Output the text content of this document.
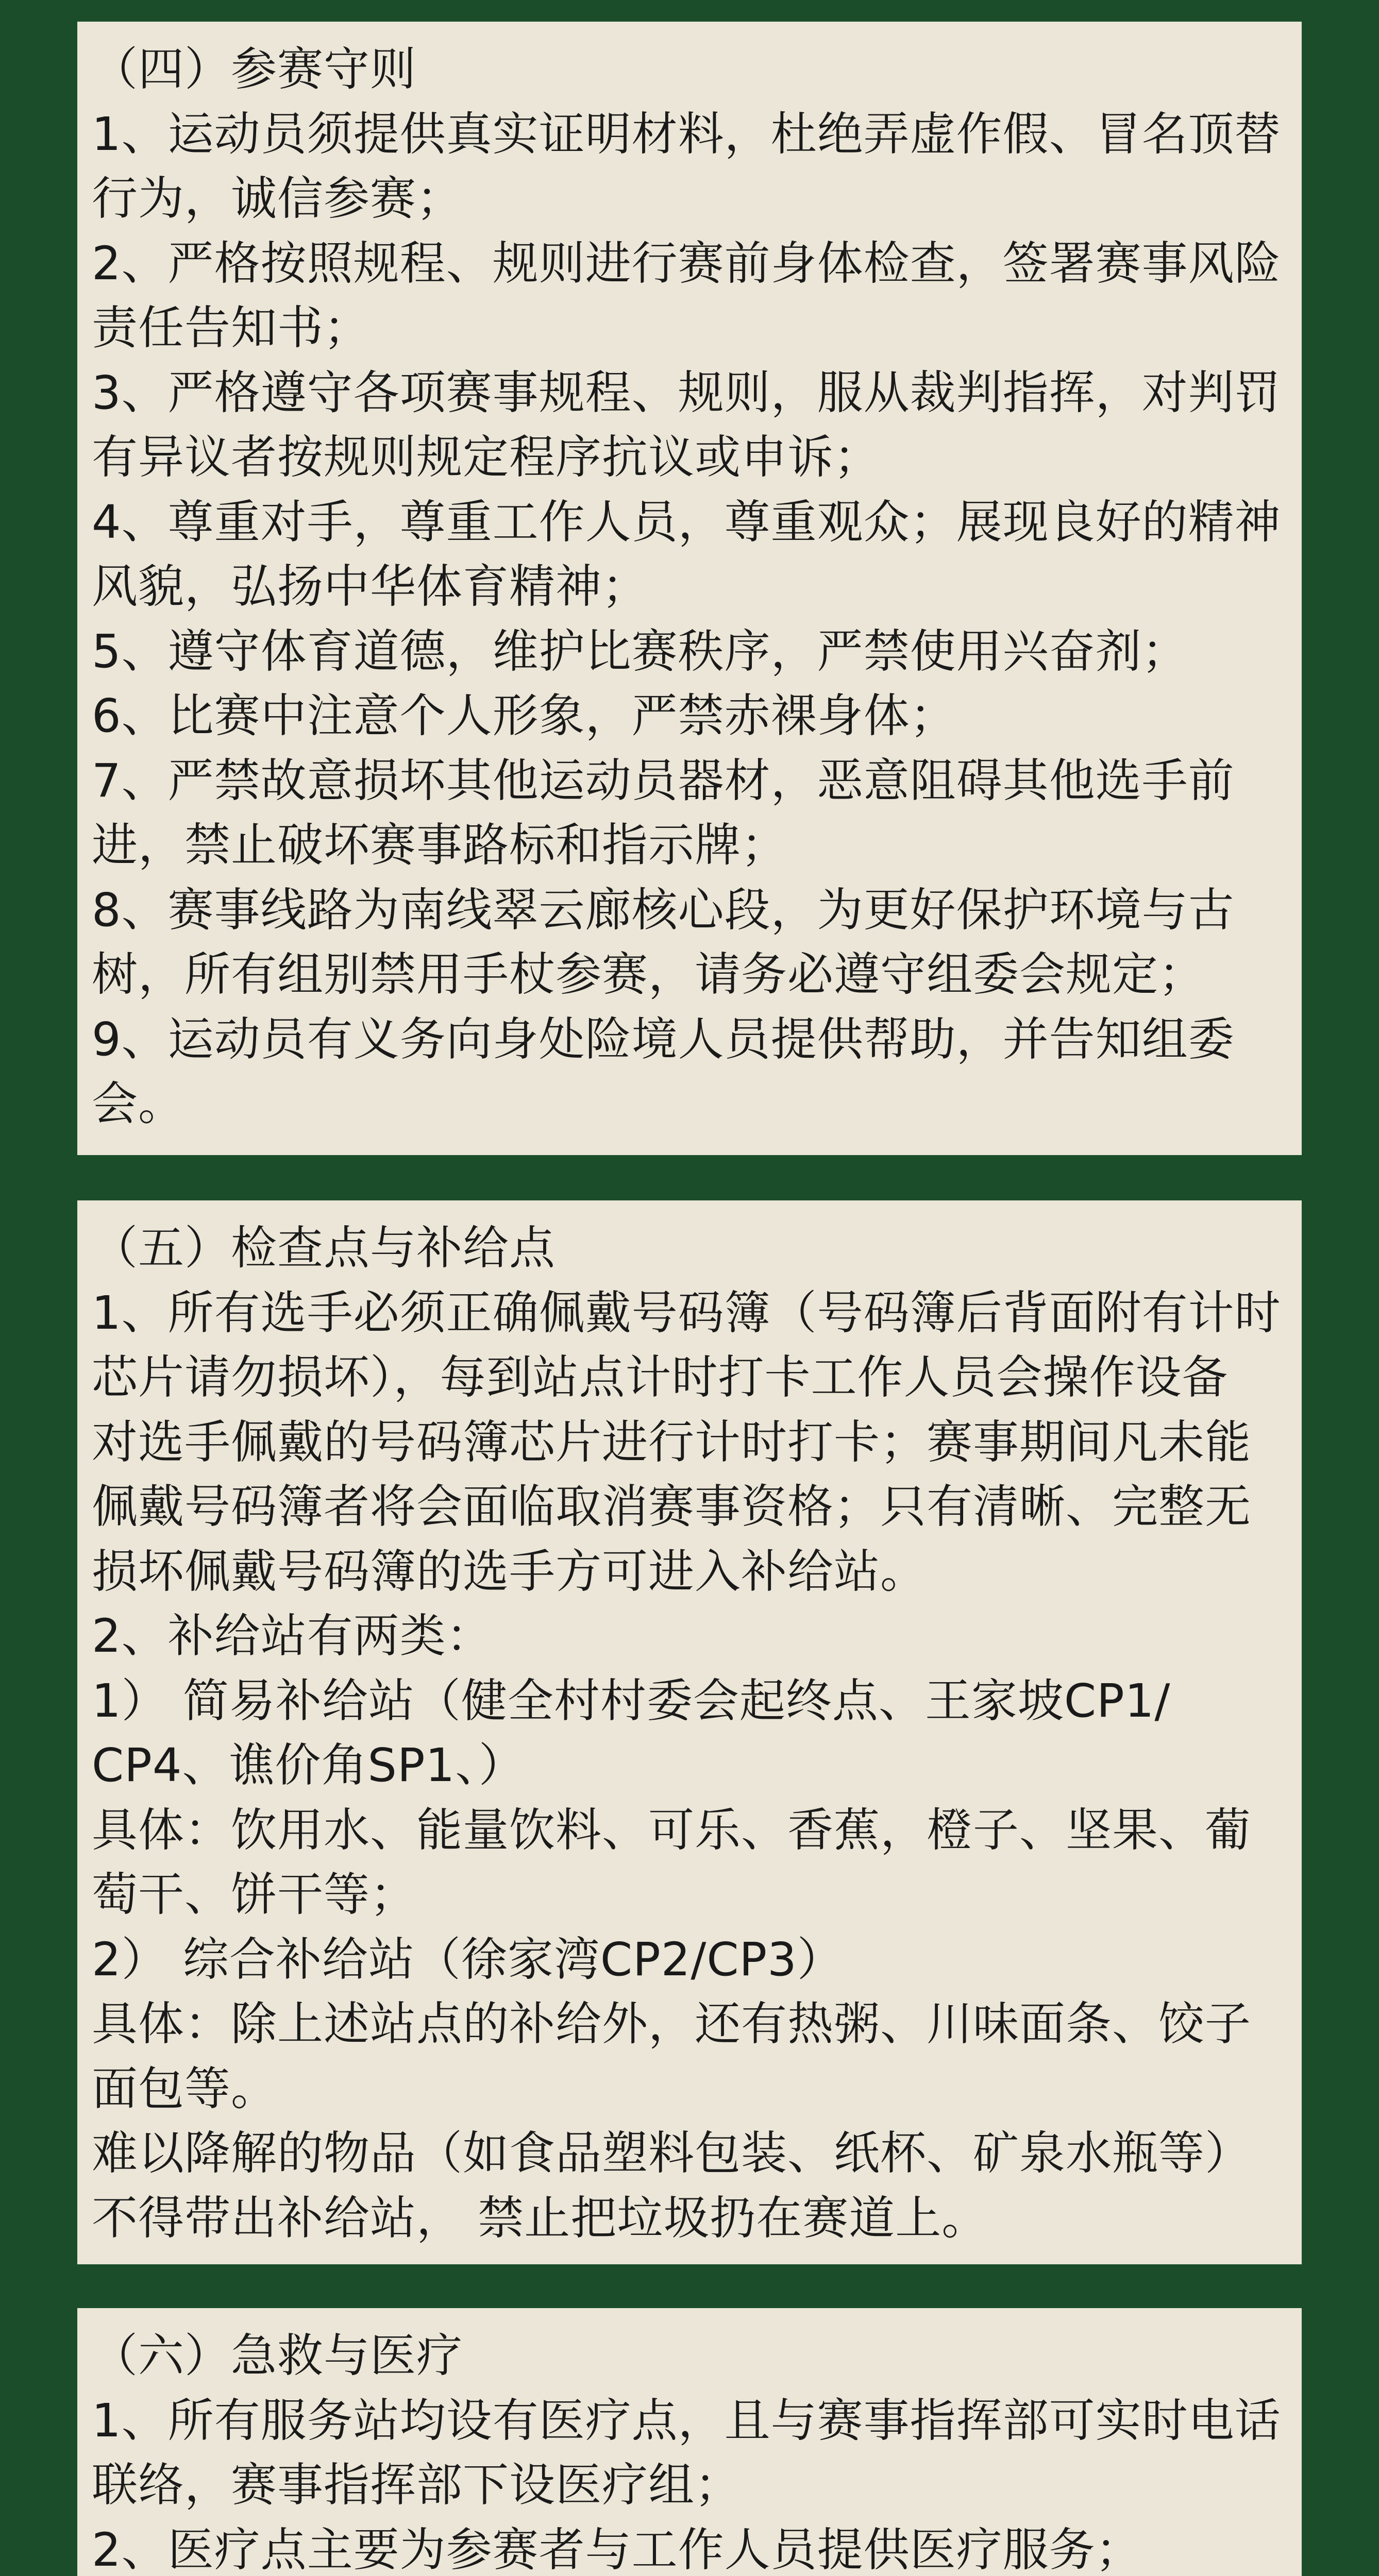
（四）参赛守则

1、运动员须提供真实证明材料，杜绝弄虚作假、冒名顶替

行为，诚信参赛；

2、严格按照规程、规则进行赛前身体检查，签署赛事风险

责任告知书；

3、严格遵守各项赛事规程、规则，服从裁判指挥，对判罚

有异议者按规则规定程序抗议或申诉；

4、尊重对手，尊重工作人员，尊重观众；展现良好的精神

风貌，弘扬中华体育精神；

5、遵守体育道德，维护比赛秩序，严禁使用兴奋剂；

6、比赛中注意个人形象，严禁赤裸身体；

7、严禁故意损坏其他运动员器材，恶意阻碍其他选手前

进，禁止破坏赛事路标和指示牌；

8、赛事线路为南线翠云廊核心段，为更好保护环境与古

树，所有组别禁用手杖参赛，请务必遵守组委会规定；

9、运动员有义务向身处险境人员提供帮助，并告知组委

会。

（五）检查点与补给点

1、所有选手必须正确佩戴号码簿（号码簿后背面附有计时

芯片请勿损坏），每到站点计时打卡工作人员会操作设备

对选手佩戴的号码簿芯片进行计时打卡；赛事期间凡未能

佩戴号码簿者将会面临取消赛事资格；只有清晰、完整无

损坏佩戴号码簿的选手方可进入补给站。

2、补给站有两类：

1） 简易补给站（健全村村委会起终点、王家坡CP1/

CP4、谯价角SP1、）

具体：饮用水、能量饮料、可乐、香蕉，橙子、坚果、葡

萄干、饼干等；

2） 综合补给站（徐家湾CP2/CP3）

具体：除上述站点的补给外，还有热粥、川味面条、饺子

面包等。

难以降解的物品（如食品塑料包装、纸杯、矿泉水瓶等）

不得带出补给站， 禁止把垃圾扔在赛道上。

（六）急救与医疗

1、所有服务站均设有医疗点，且与赛事指挥部可实时电话

联络，赛事指挥部下设医疗组；

2、医疗点主要为参赛者与工作人员提供医疗服务；
